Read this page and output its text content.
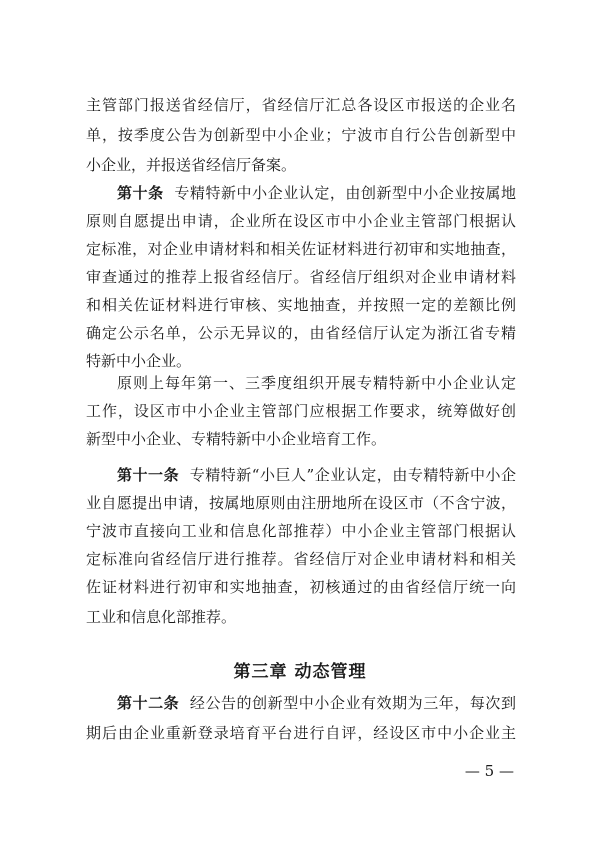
主管部门报送省经信厅，省经信厅汇总各设区市报送的企业名
单，按季度公告为创新型中小企业；宁波市自行公告创新型中
小企业，并报送省经信厅备案。
第十条 专精特新中小企业认定，由创新型中小企业按属地
原则自愿提出申请，企业所在设区市中小企业主管部门根据认
定标准，对企业申请材料和相关佐证材料进行初审和实地抽查，
审查通过的推荐上报省经信厅。省经信厅组织对企业申请材料
和相关佐证材料进行审核、实地抽查，并按照一定的差额比例
确定公示名单，公示无异议的，由省经信厅认定为浙江省专精
特新中小企业。
原则上每年第一、三季度组织开展专精特新中小企业认定
工作，设区市中小企业主管部门应根据工作要求，统筹做好创
新型中小企业、专精特新中小企业培育工作。
第十一条 专精特新“小巨人”企业认定，由专精特新中小企
业自愿提出申请，按属地原则由注册地所在设区市（不含宁波，
宁波市直接向工业和信息化部推荐）中小企业主管部门根据认
定标准向省经信厅进行推荐。省经信厅对企业申请材料和相关
佐证材料进行初审和实地抽查，初核通过的由省经信厅统一向
工业和信息化部推荐。
第三章 动态管理
第十二条 经公告的创新型中小企业有效期为三年，每次到
期后由企业重新登录培育平台进行自评，经设区市中小企业主
— 5 —
